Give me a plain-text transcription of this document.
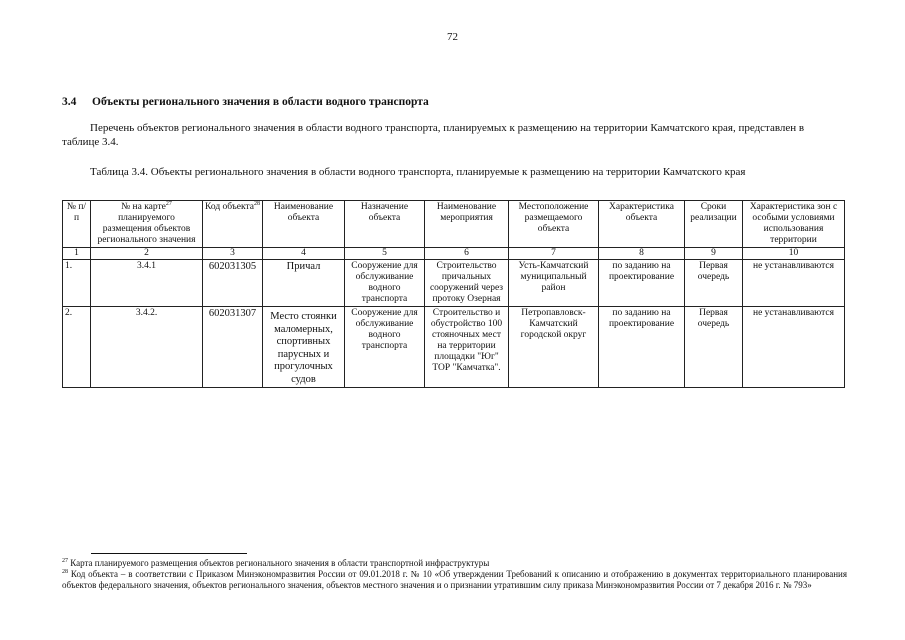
72
3.4 Объекты регионального значения в области водного транспорта
Перечень объектов регионального значения в области водного транспорта, планируемых к размещению на территории Камчатского края, представлен в таблице 3.4.
Таблица 3.4. Объекты регионального значения в области водного транспорта, планируемые к размещению на территории Камчатского края
№ п/п	№ на карте$^{27}$ планируемого размещения объектов регионального значения	Код объекта$^{28}$	Наименование объекта	Назначение объекта	Наименование мероприятия	Местоположение размещаемого объекта	Характеристика объекта	Сроки реализации	Характеристика зон с особыми условиями использования территории
1	2	3	4	5	6	7	8	9	10
1.	3.4.1	602031305	Причал	Сооружение для обслуживание водного транспорта	Строительство причальных сооружений через протоку Озерная	Усть-Камчатский муниципальный район	по заданию на проектирование	Первая очередь	не устанавливаются
2.	3.4.2.	602031307	Место стоянки маломерных, спортивных парусных и прогулочных судов	Сооружение для обслуживание водного транспорта	Строительство и обустройство 100 стояночных мест на территории площадки "Юг" ТОР "Камчатка".	Петропавловск-Камчатский городской округ	по заданию на проектирование	Первая очередь	не устанавливаются
$^{27}$ Карта планируемого размещения объектов регионального значения в области транспортной инфраструктуры
$^{28}$ Код объекта – в соответствии с Приказом Минэкономразвития России от 09.01.2018 г. № 10 «Об утверждении Требований к описанию и отображению в документах территориального планирования объектов федерального значения, объектов регионального значения, объектов местного значения и о признании утратившим силу приказа Минэкономразвития России от 7 декабря 2016 г. № 793»
